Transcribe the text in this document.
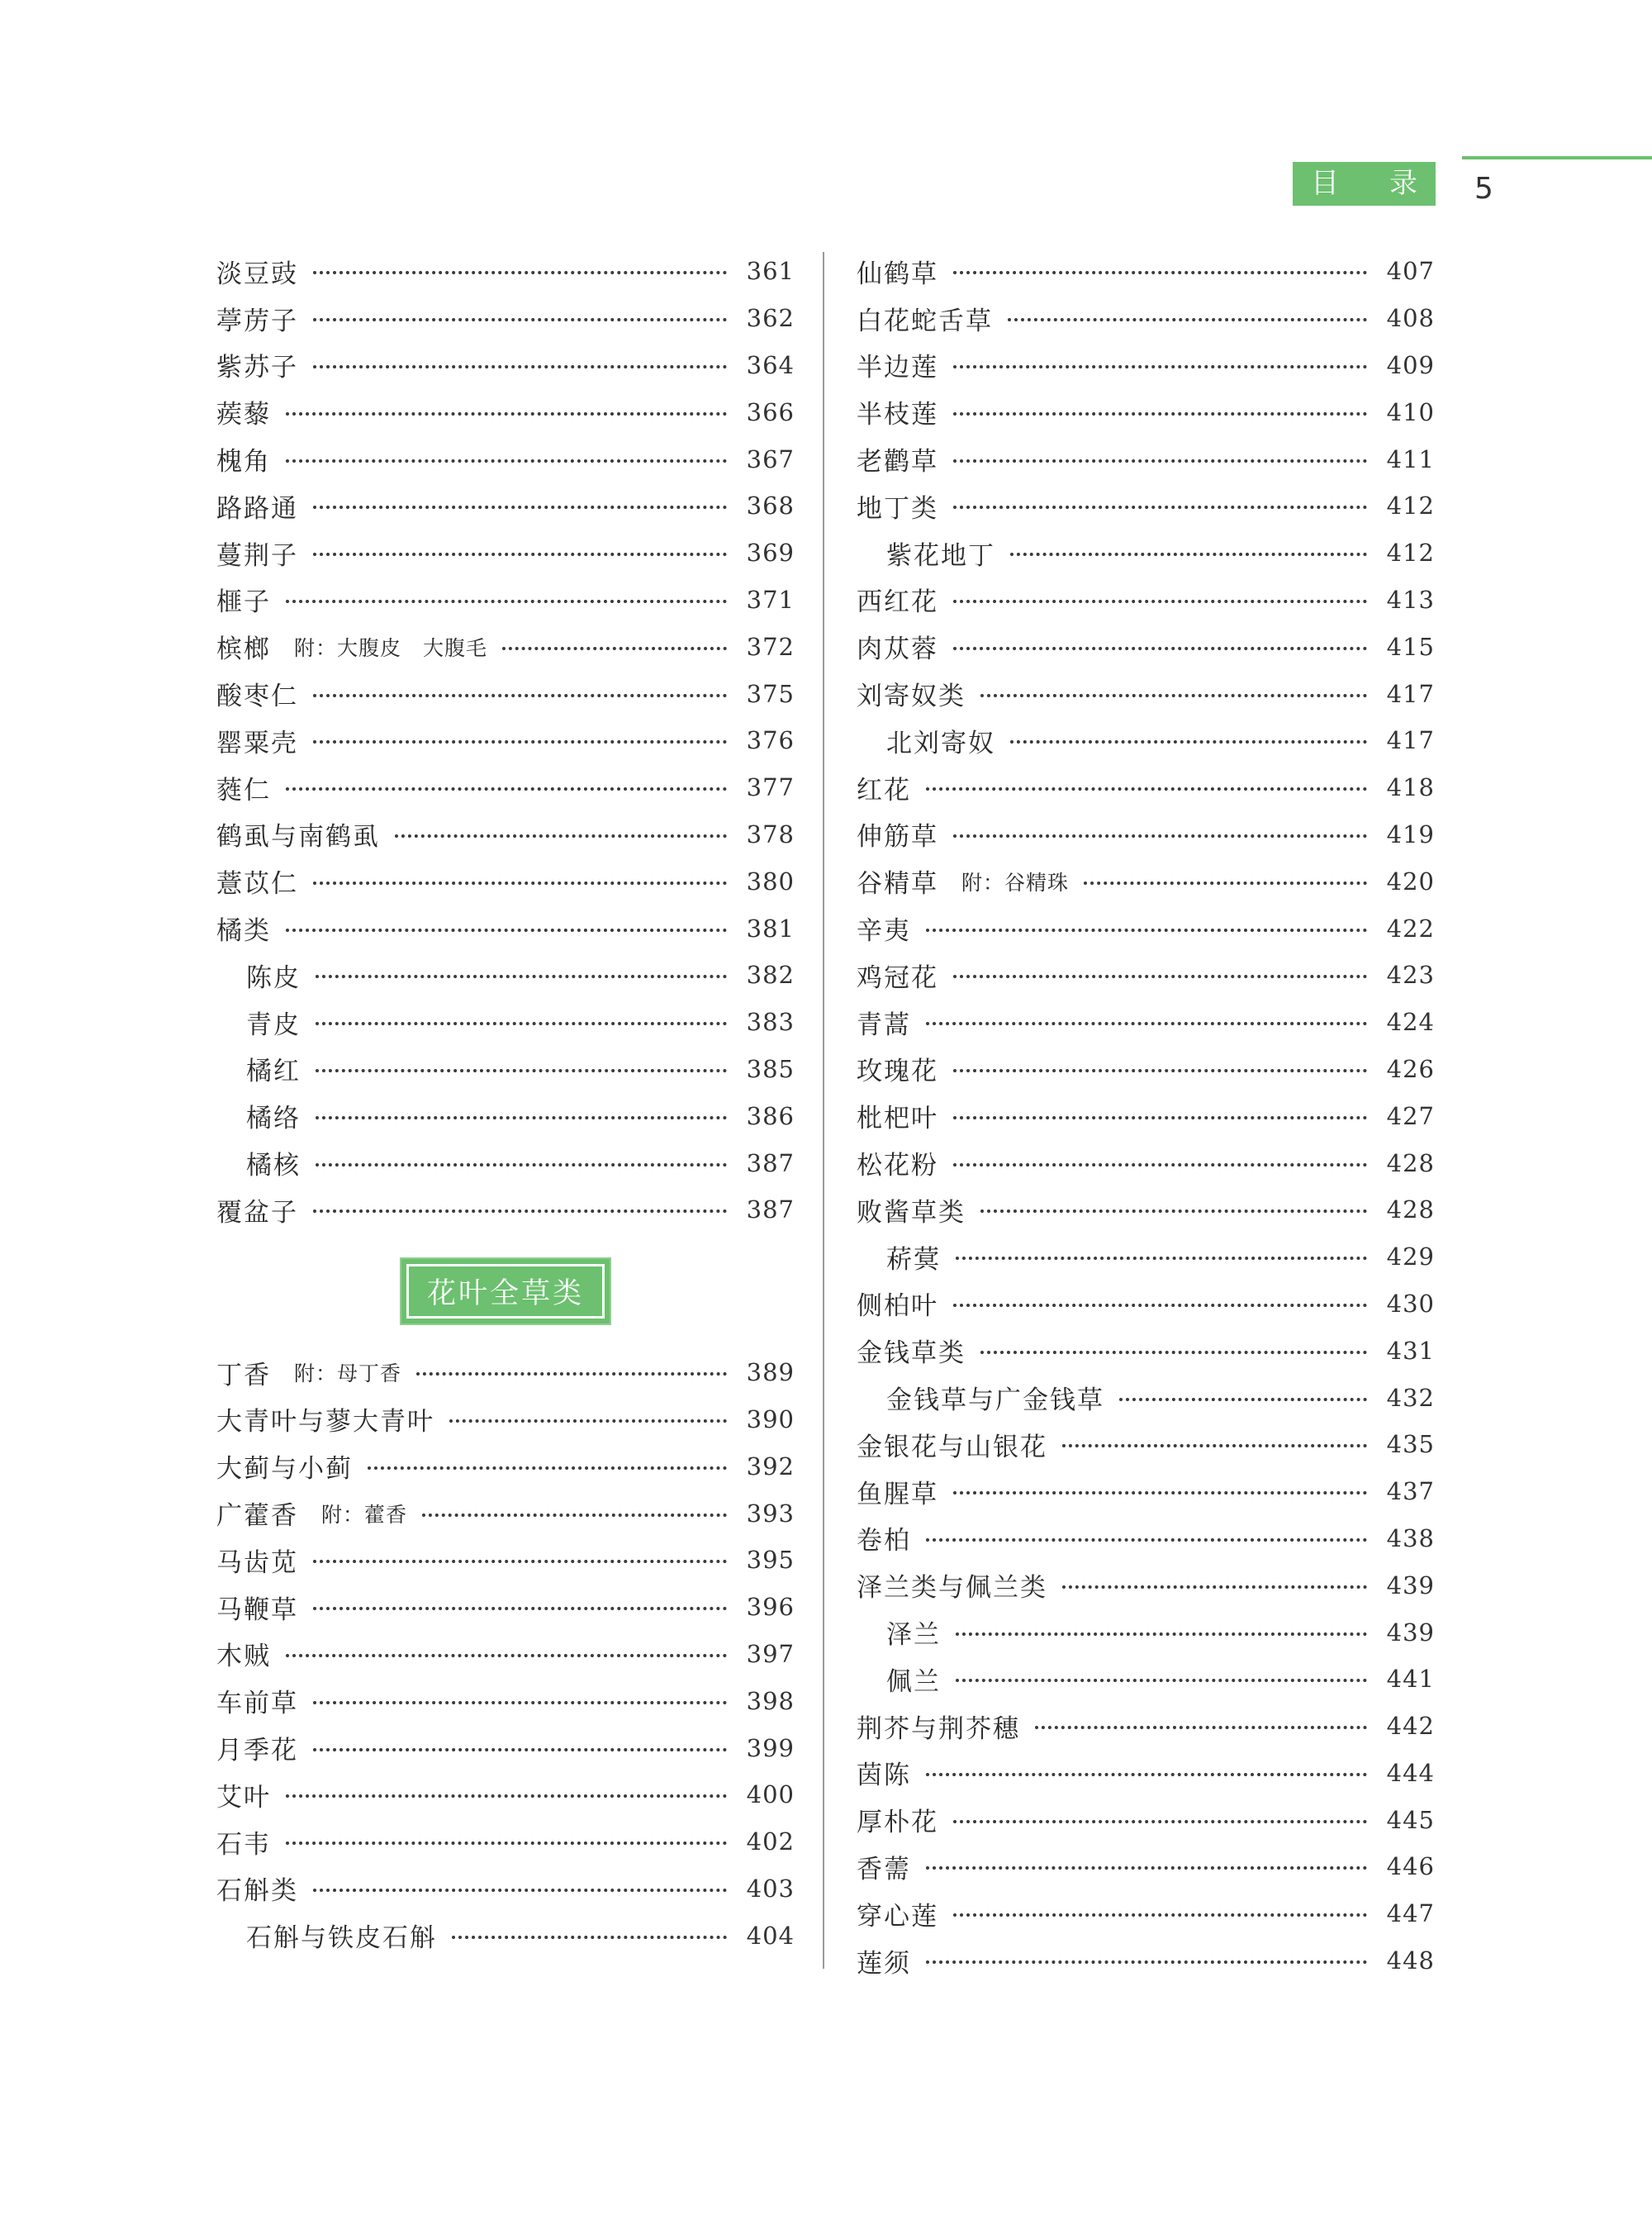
目 录 5
淡豆豉	361
葶苈子	362
紫苏子	364
蒺藜	366
槐角	367
路路通	368
蔓荆子	369
榧子	371
槟榔 附：大腹皮　大腹毛	372
酸枣仁	375
罂粟壳	376
蕤仁	377
鹤虱与南鹤虱	378
薏苡仁	380
橘类	381
陈皮	382
青皮	383
橘红	385
橘络	386
橘核	387
覆盆子	387
花叶全草类
丁香 附：母丁香	389
大青叶与蓼大青叶	390
大蓟与小蓟	392
广藿香 附：藿香	393
马齿苋	395
马鞭草	396
木贼	397
车前草	398
月季花	399
艾叶	400
石韦	402
石斛类	403
石斛与铁皮石斛	404
仙鹤草	407
白花蛇舌草	408
半边莲	409
半枝莲	410
老鹳草	411
地丁类	412
紫花地丁	412
西红花	413
肉苁蓉	415
刘寄奴类	417
北刘寄奴	417
红花	418
伸筋草	419
谷精草 附：谷精珠	420
辛夷	422
鸡冠花	423
青蒿	424
玫瑰花	426
枇杷叶	427
松花粉	428
败酱草类	428
菥蓂	429
侧柏叶	430
金钱草类	431
金钱草与广金钱草	432
金银花与山银花	435
鱼腥草	437
卷柏	438
泽兰类与佩兰类	439
泽兰	439
佩兰	441
荆芥与荆芥穗	442
茵陈	444
厚朴花	445
香薷	446
穿心莲	447
莲须	448
